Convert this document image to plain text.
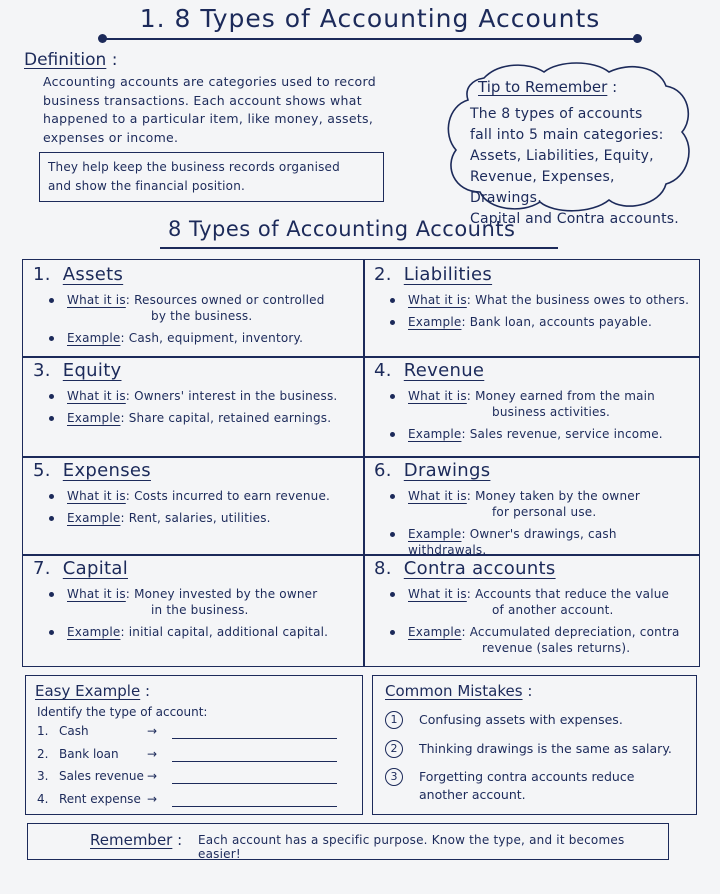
1. 8 Types of Accounting Accounts
Definition :
Accounting accounts are categories used to record
business transactions. Each account shows what
happened to a particular item, like money, assets,
expenses or income.
They help keep the business records organised
and show the financial position.
Tip to Remember :
The 8 types of accounts
fall into 5 main categories:
Assets, Liabilities, Equity,
Revenue, Expenses, Drawings,
Capital and Contra accounts.
8 Types of Accounting Accounts
1. Assets
What it is: Resources owned or controlled
by the business.
Example: Cash, equipment, inventory.
2. Liabilities
What it is: What the business owes to others.
Example: Bank loan, accounts payable.
3. Equity
What it is: Owners' interest in the business.
Example: Share capital, retained earnings.
4. Revenue
What it is: Money earned from the main
business activities.
Example: Sales revenue, service income.
5. Expenses
What it is: Costs incurred to earn revenue.
Example: Rent, salaries, utilities.
6. Drawings
What it is: Money taken by the owner
for personal use.
Example: Owner's drawings, cash withdrawals.
7. Capital
What it is: Money invested by the owner
in the business.
Example: initial capital, additional capital.
8. Contra accounts
What it is: Accounts that reduce the value
of another account.
Example: Accumulated depreciation, contra
revenue (sales returns).
Easy Example :
Identify the type of account:
1. Cash	→
2. Bank loan →
3. Sales revenue →
4. Rent expense →
Common Mistakes :
1	Confusing assets with expenses.
2	Thinking drawings is the same as salary.
3	Forgetting contra accounts reduce
another account.
Remember : Each account has a specific purpose. Know the type, and it becomes easier!
